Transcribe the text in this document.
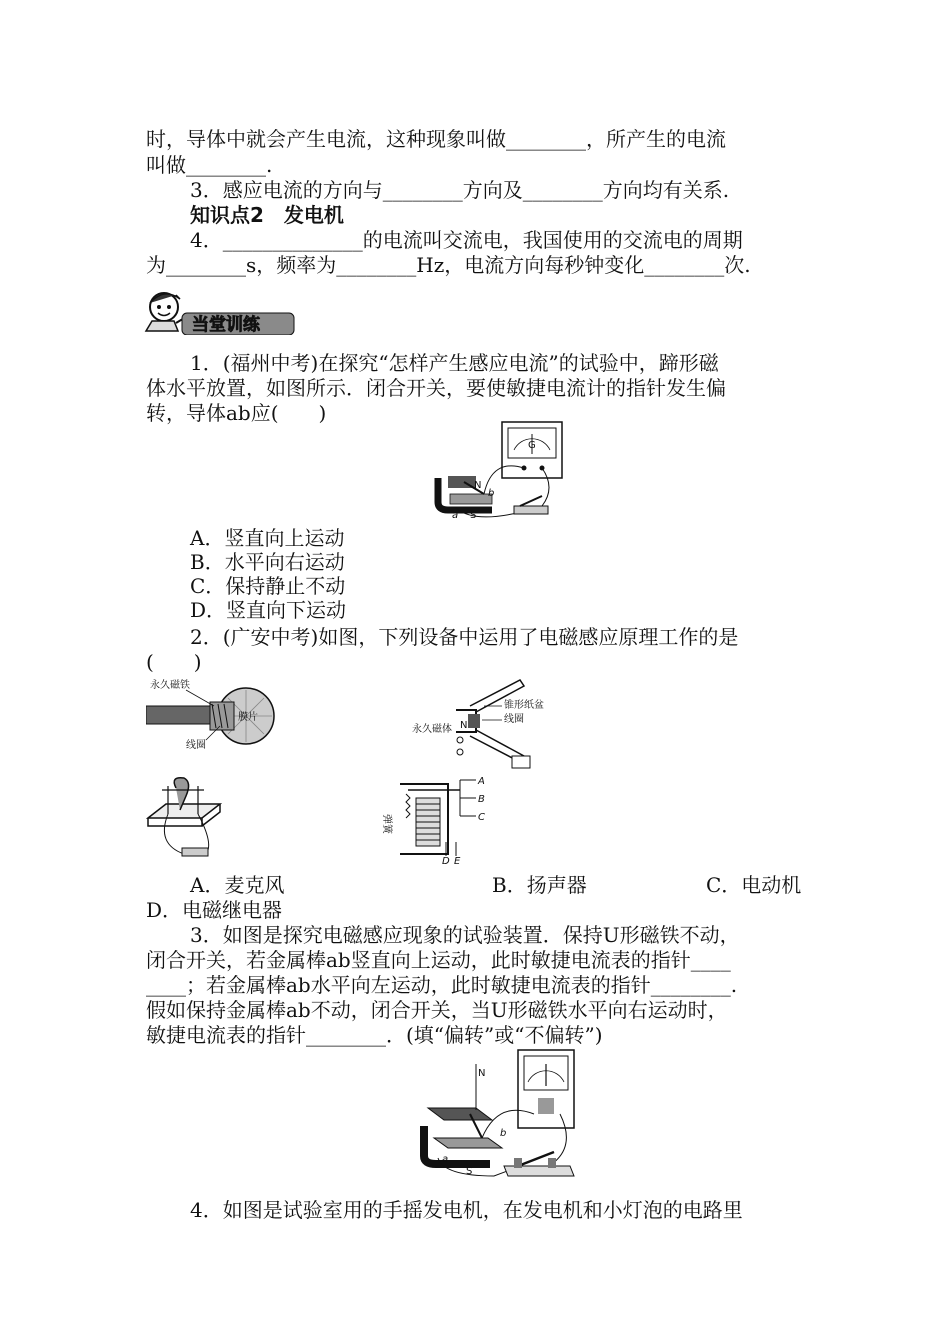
时，导体中就会产生电流，这种现象叫做________，所产生的电流
叫做________.
3．感应电流的方向与________方向及________方向均有关系.
知识点2　发电机
4．______________的电流叫交流电，我国使用的交流电的周期
为________s，频率为________Hz，电流方向每秒钟变化________次.
当堂训练
1．(福州中考)在探究“怎样产生感应电流”的试验中，蹄形磁
体水平放置，如图所示．闭合开关，要使敏捷电流计的指针发生偏
转，导体ab应(　　)
G
N
S
a
b
A．竖直向上运动
B．水平向右运动
C．保持静止不动
D．竖直向下运动
2．(广安中考)如图，下列设备中运用了电磁感应原理工作的是
(　　)
永久磁铁
膜片
线圈
N
锥形纸盆
线圈
永久磁体
A
B
C
D E
弹簧
A．麦克风	B．扬声器	C．电动机
D．电磁继电器
3．如图是探究电磁感应现象的试验装置．保持U形磁铁不动，
闭合开关，若金属棒ab竖直向上运动，此时敏捷电流表的指针____
____；若金属棒ab水平向左运动，此时敏捷电流表的指针________.
假如保持金属棒ab不动，闭合开关，当U形磁铁水平向右运动时，
敏捷电流表的指针________．(填“偏转”或“不偏转”)
N
S
a
b
4．如图是试验室用的手摇发电机，在发电机和小灯泡的电路里
